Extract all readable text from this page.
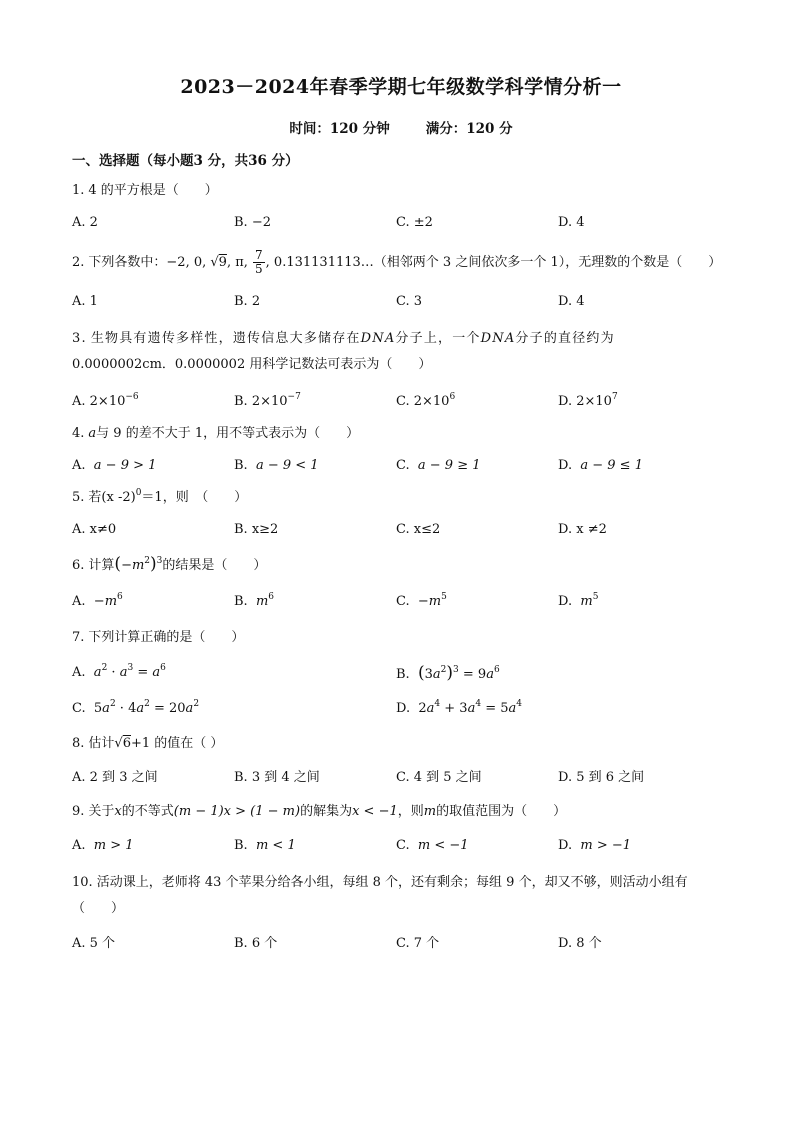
2023－2024年春季学期七年级数学科学情分析一
时间：120 分钟	满分：120 分
一、选择题（每小题3 分，共36 分）
1. 4 的平方根是（　　）
A. 2	B. −2	C. ±2	D. 4
2. 下列各数中：−2, 0, √9, π, $\frac{7}{5}$ , 0.131131113…（相邻两个 3 之间依次多一个 1），无理数的个数是（　　）
A. 1	B. 2	C. 3	D. 4
3. 生物具有遗传多样性，遗传信息大多储存在DNA分子上，一个DNA分子的直径约为
0.0000002cm．0.0000002 用科学记数法可表示为（　　）
A. $2\times 10^{-6}$	B. $2\times 10^{-7}$	C. $2\times 10^6$	D. $2\times 10^7$
4. a与 9 的差不大于 1，用不等式表示为（　　）
A. a − 9 > 1	B. a − 9 < 1	C. a − 9 ≥ 1	D. a − 9 ≤ 1
5. 若(x -2)$^0$＝1，则　（　　）
A. x≠0	B. x≥2	C. x≤2	D. x ≠2
6. 计算$(-m^2)^3$的结果是（　　）
A. $-m^6$	B. $m^6$	C. $-m^5$	D. $m^5$
7. 下列计算正确的是（　　）
A. $a^2 \cdot a^3 = a^6$	B. $(3a^2)^3 = 9a^6$
C.  $5a^2 \cdot 4a^2 = 20a^2$	D.  $2a^4 + 3a^4 = 5a^4$
8. 估计√6+1 的值在（ ）
A. 2 到 3 之间	B. 3 到 4 之间	C. 4 到 5 之间	D. 5 到 6 之间
9. 关于x的不等式(m − 1)x > (1 − m)的解集为x < −1，则m的取值范围为（　　）
A. m > 1	B. m < 1	C. m < −1	D. m > −1
10. 活动课上，老师将 43 个苹果分给各小组，每组 8 个，还有剩余；每组 9 个，却又不够，则活动小组有
（　　）
A. 5 个	B. 6 个	C. 7 个	D. 8 个
